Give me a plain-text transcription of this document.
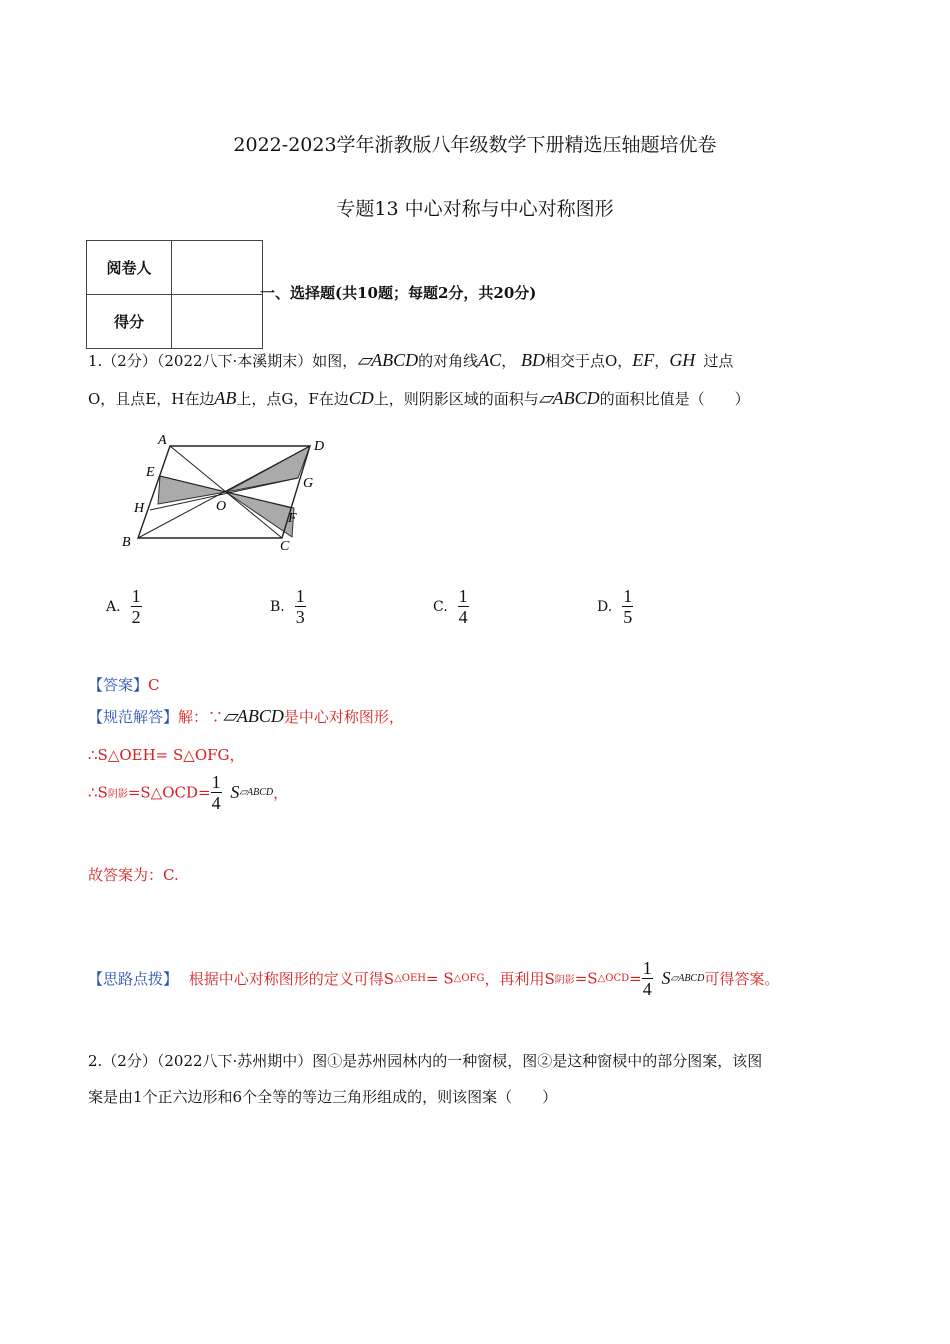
2022-2023学年浙教版八年级数学下册精选压轴题培优卷
专题13 中心对称与中心对称图形
阅卷人	
得分	
一、选择题(共10题；每题2分，共20分)
1.（2分）（2022八下·本溪期末）如图，▱ABCD的对角线AC， BD相交于点O，EF，GH 过点
O，且点E，H在边AB上，点G，F在边CD上，则阴影区域的面积与▱ABCD的面积比值是（　　）
A	D
E
G
H	O
F
B	C
A. $\frac{1}{2}$	B. $\frac{1}{3}$	C. $\frac{1}{4}$	D. $\frac{1}{5}$
【答案】C
【规范解答】解：∵▱ABCD是中心对称图形，
∴S△OEH= S△OFG，
∴S阴影=S△OCD= $\frac{1}{4}$ S▱ABCD，
故答案为：C.
【思路点拨】 根据中心对称图形的定义可得S△OEH= S△OFG，再利用S阴影=S△OCD= $\frac{1}{4}$ S▱ABCD可得答案。
2.（2分）（2022八下·苏州期中）图①是苏州园林内的一种窗棂，图②是这种窗棂中的部分图案，该图
案是由1个正六边形和6个全等的等边三角形组成的，则该图案（　　）
